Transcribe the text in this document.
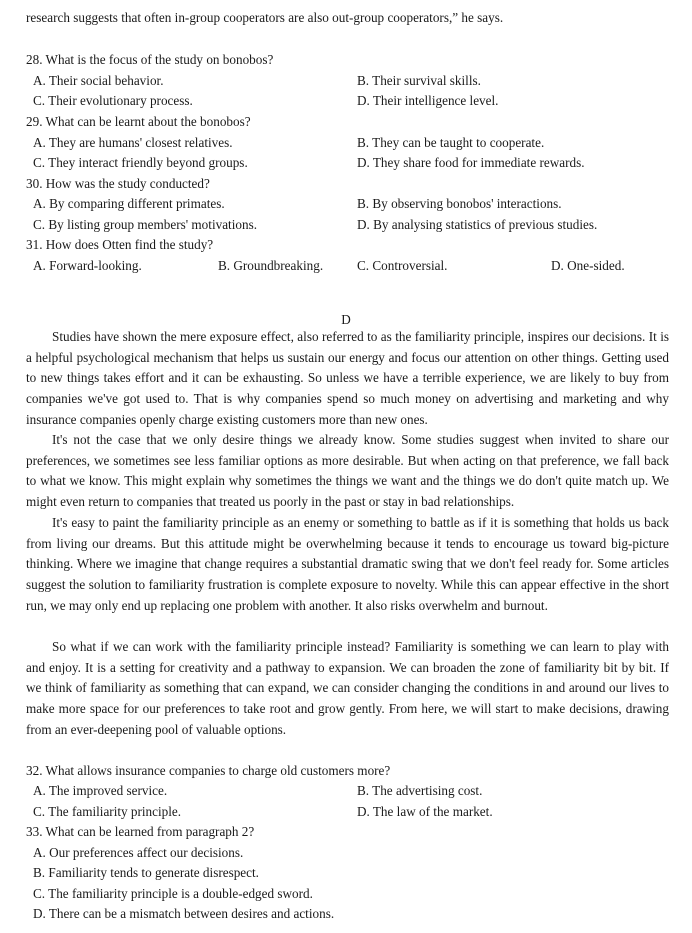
research suggests that often in-group cooperators are also out-group cooperators,” he says.
28. What is the focus of the study on bonobos?
A. Their social behavior.	B. Their survival skills.
C. Their evolutionary process.	D. Their intelligence level.
29. What can be learnt about the bonobos?
A. They are humans' closest relatives.	B. They can be taught to cooperate.
C. They interact friendly beyond groups.	D. They share food for immediate rewards.
30. How was the study conducted?
A. By comparing different primates.	B. By observing bonobos' interactions.
C. By listing group members' motivations.	D. By analysing statistics of previous studies.
31. How does Otten find the study?
A. Forward-looking.	B. Groundbreaking.	C. Controversial.	D. One-sided.
D

Studies have shown the mere exposure effect, also referred to as the familiarity principle, inspires our decisions. It is a helpful psychological mechanism that helps us sustain our energy and focus our attention on other things. Getting used to new things takes effort and it can be exhausting. So unless we have a terrible experience, we are likely to buy from companies we've got used to. That is why companies spend so much money on advertising and marketing and why insurance companies openly charge existing customers more than new ones.

It's not the case that we only desire things we already know. Some studies suggest when invited to share our preferences, we sometimes see less familiar options as more desirable. But when acting on that preference, we fall back to what we know. This might explain why sometimes the things we want and the things we do don't quite match up. We might even return to companies that treated us poorly in the past or stay in bad relationships.

It's easy to paint the familiarity principle as an enemy or something to battle as if it is something that holds us back from living our dreams. But this attitude might be overwhelming because it tends to encourage us toward big-picture thinking. Where we imagine that change requires a substantial dramatic swing that we don't feel ready for. Some articles suggest the solution to familiarity frustration is complete exposure to novelty. While this can appear effective in the short run, we may only end up replacing one problem with another. It also risks overwhelm and burnout.

So what if we can work with the familiarity principle instead? Familiarity is something we can learn to play with and enjoy. It is a setting for creativity and a pathway to expansion. We can broaden the zone of familiarity bit by bit. If we think of familiarity as something that can expand, we can consider changing the conditions in and around our lives to make more space for our preferences to take root and grow gently. From here, we will start to make decisions, drawing from an ever-deepening pool of valuable options.

32. What allows insurance companies to charge old customers more?
A. The improved service.	B. The advertising cost.
C. The familiarity principle.	D. The law of the market.
33. What can be learned from paragraph 2?
A. Our preferences affect our decisions.
B. Familiarity tends to generate disrespect.
C. The familiarity principle is a double-edged sword.
D. There can be a mismatch between desires and actions.
